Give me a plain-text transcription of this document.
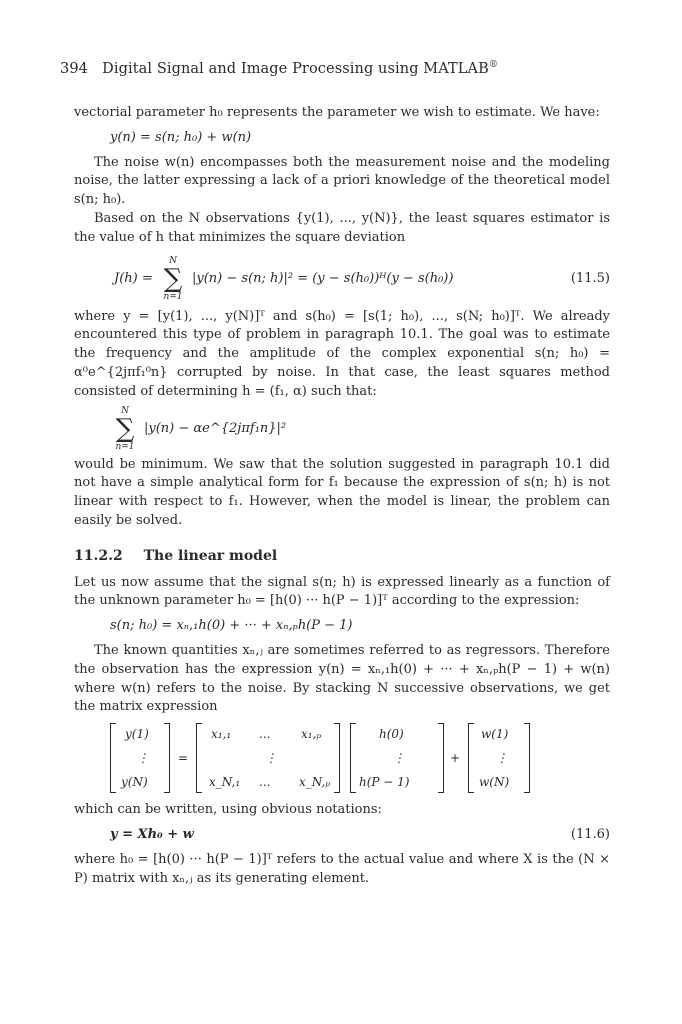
394 Digital Signal and Image Processing using MATLAB®

vectorial parameter h₀ represents the parameter we wish to estimate. We have:

y(n) = s(n; h₀) + w(n)

The noise w(n) encompasses both the measurement noise and the modeling noise, the latter expressing a lack of a priori knowledge of the theoretical model s(n; h₀).

Based on the N observations {y(1), ..., y(N)}, the least squares estimator is the value of h that minimizes the square deviation

J(h) =
N
∑
n=1
|y(n) − s(n; h)|² = (y − s(h₀))ᴴ(y − s(h₀))	(11.5)

where y = [y(1), ..., y(N)]ᵀ and s(h₀) = [s(1; h₀), ..., s(N; h₀)]ᵀ. We already encountered this type of problem in paragraph 10.1. The goal was to estimate the frequency and the amplitude of the complex exponential s(n; h₀) = α⁰e^{2jπf₁⁰n} corrupted by noise. In that case, the least squares method consisted of determining h = (f₁, α) such that:

N
∑
n=1
|y(n) − αe^{2jπf₁n}|²

would be minimum. We saw that the solution suggested in paragraph 10.1 did not have a simple analytical form for f₁ because the expression of s(n; h) is not linear with respect to f₁. However, when the model is linear, the problem can easily be solved.

11.2.2 The linear model

Let us now assume that the signal s(n; h) is expressed linearly as a function of the unknown parameter h₀ = [h(0) ··· h(P − 1)]ᵀ according to the expression:

s(n; h₀) = xₙ,₁h(0) + ··· + xₙ,ₚh(P − 1)

The known quantities xₙ,ⱼ are sometimes referred to as regressors. Therefore the observation has the expression y(n) = xₙ,₁h(0) + ··· + xₙ,ₚh(P − 1) + w(n) where w(n) refers to the noise. By stacking N successive observations, we get the matrix expression

y(1)
⋮
y(N)
=
x₁,₁ ...	x₁,ₚ
⋮
x_N,₁ ... x_N,ₚ
h(0)
⋮
h(P − 1)
+
w(1)
⋮
w(N)

which can be written, using obvious notations:

y = Xh₀ + w	(11.6)

where h₀ = [h(0) ··· h(P − 1)]ᵀ refers to the actual value and where X is the (N × P) matrix with xₙ,ⱼ as its generating element.
